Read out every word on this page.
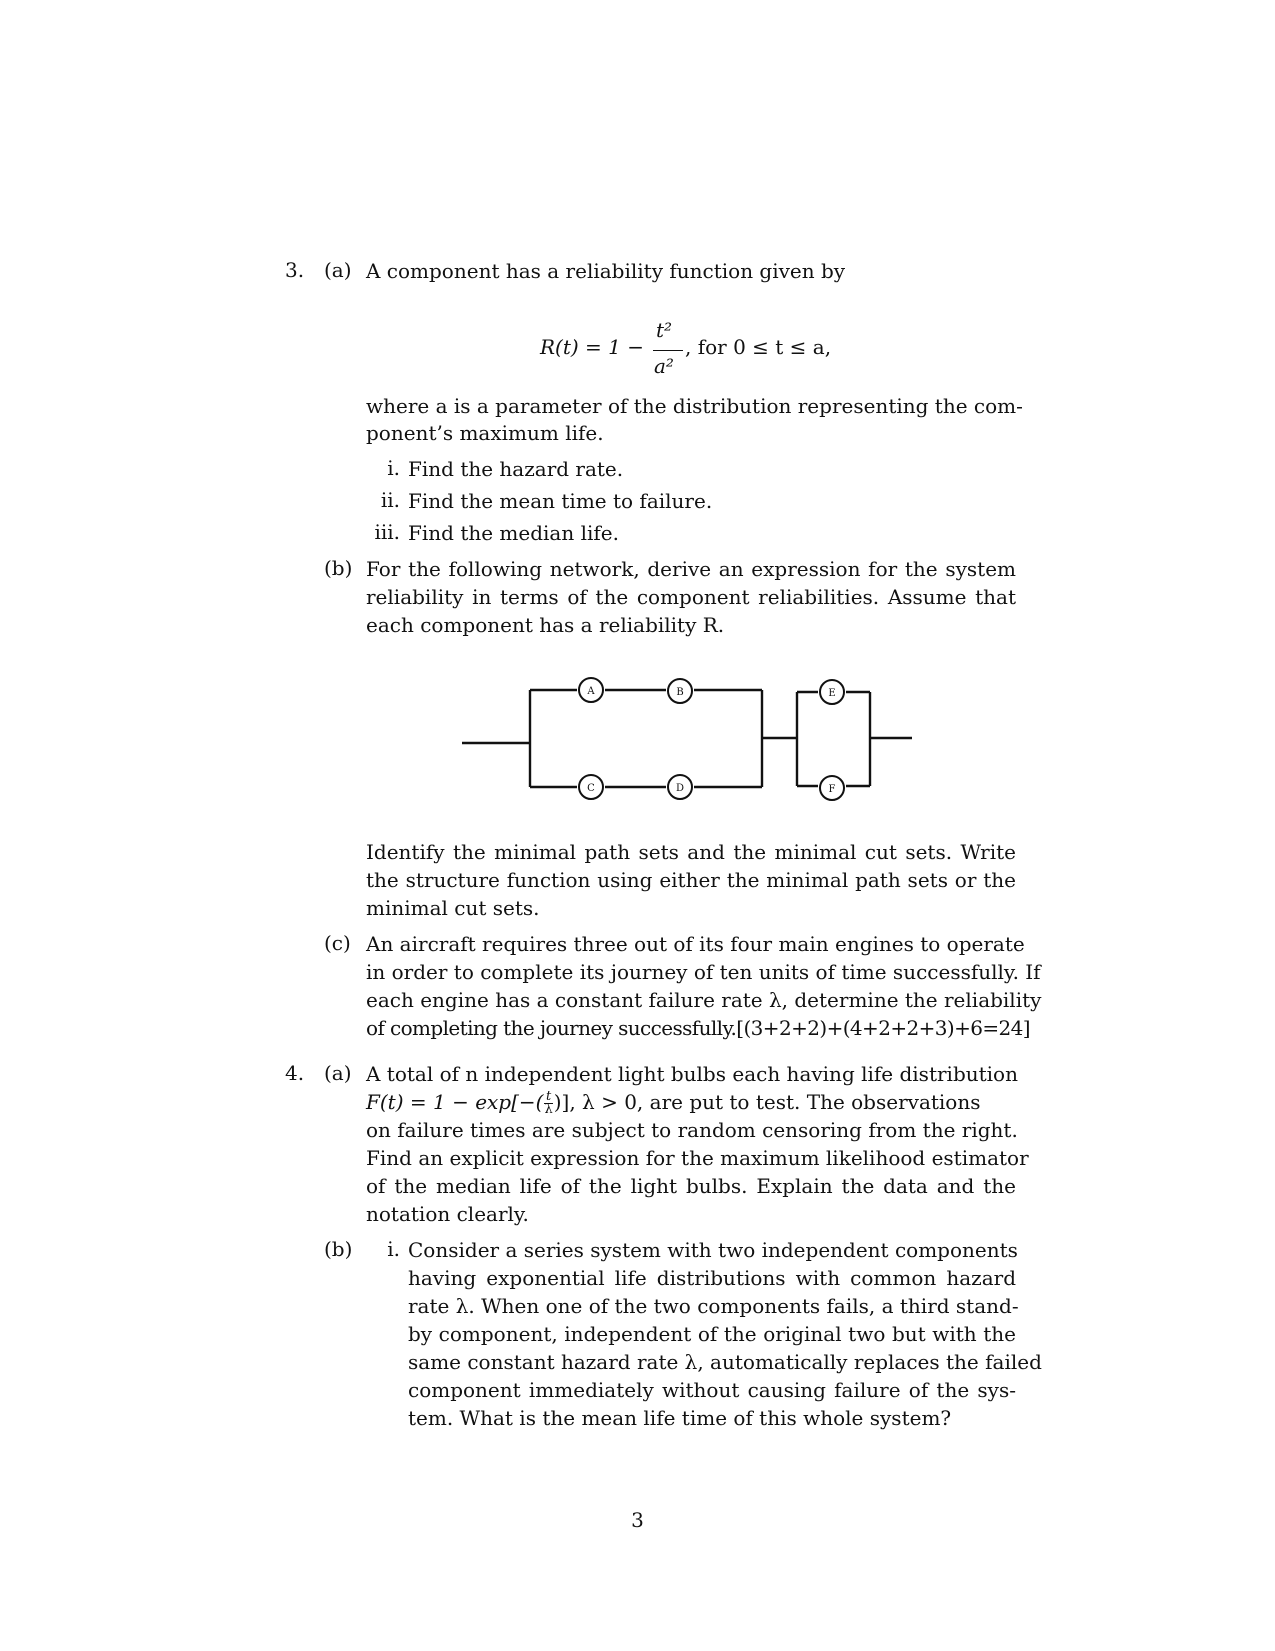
3. (a) A component has a reliability function given by
R(t) = 1 −
t²
a²
, for 0 ≤ t ≤ a,
where a is a parameter of the distribution representing the com-
ponent’s maximum life.
i. Find the hazard rate.
ii. Find the mean time to failure.
iii. Find the median life.
(b) For the following network, derive an expression for the system
reliability in terms of the component reliabilities. Assume that
each component has a reliability R.
A	B
C	D
E
F
Identify the minimal path sets and the minimal cut sets. Write
the structure function using either the minimal path sets or the
minimal cut sets.
(c) An aircraft requires three out of its four main engines to operate
in order to complete its journey of ten units of time successfully. If
each engine has a constant failure rate λ, determine the reliability
of completing the journey successfully.[(3+2+2)+(4+2+2+3)+6=24]
4. (a) A total of n independent light bulbs each having life distribution
$F(t) = 1 - \exp[-( \frac{t}{\lambda}$ )], λ > 0, are put to test. The observations
on failure times are subject to random censoring from the right.
Find an explicit expression for the maximum likelihood estimator
of the median life of the light bulbs. Explain the data and the
notation clearly.
(b)	i. Consider a series system with two independent components
having exponential life distributions with common hazard
rate λ. When one of the two components fails, a third stand-
by component, independent of the original two but with the
same constant hazard rate λ, automatically replaces the failed
component immediately without causing failure of the sys-
tem. What is the mean life time of this whole system?
3
